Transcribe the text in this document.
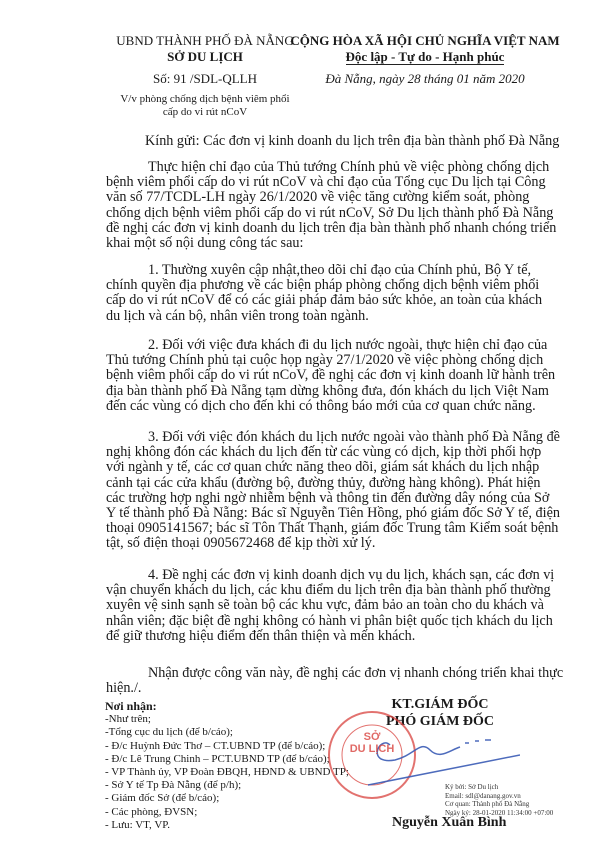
UBND THÀNH PHỐ ĐÀ NẴNG
SỞ DU LỊCH
Số: 91 /SDL-QLLH
V/v phòng chống dịch bệnh viêm phổi
cấp do vi rút nCoV
CỘNG HÒA XÃ HỘI CHỦ NGHĨA VIỆT NAM
Độc lập - Tự do - Hạnh phúc
Đà Nẵng, ngày 28 tháng 01 năm 2020
Kính gửi: Các đơn vị kinh doanh du lịch trên địa bàn thành phố Đà Nẵng
Thực hiện chỉ đạo của Thủ tướng Chính phủ về việc phòng chống dịch
bệnh viêm phổi cấp do vi rút nCoV và chỉ đạo của Tổng cục Du lịch tại Công
văn số 77/TCDL-LH ngày 26/1/2020 về việc tăng cường kiểm soát, phòng
chống dịch bệnh viêm phổi cấp do vi rút nCoV, Sở Du lịch thành phố Đà Nẵng
đề nghị các đơn vị kinh doanh du lịch trên địa bàn thành phố nhanh chóng triển
khai một số nội dung công tác sau:
1. Thường xuyên cập nhật,theo dõi chỉ đạo của Chính phủ, Bộ Y tế,
chính quyền địa phương về các biện pháp phòng chống dịch bệnh viêm phổi
cấp do vi rút nCoV để có các giải pháp đảm bảo sức khỏe, an toàn của khách
du lịch và cán bộ, nhân viên trong toàn ngành.
2. Đối với việc đưa khách đi du lịch nước ngoài, thực hiện chỉ đạo của
Thủ tướng Chính phủ tại cuộc họp ngày 27/1/2020 về việc phòng chống dịch
bệnh viêm phổi cấp do vi rút nCoV, đề nghị các đơn vị kinh doanh lữ hành trên
địa bàn thành phố Đà Nẵng tạm dừng không đưa, đón khách du lịch Việt Nam
đến các vùng có dịch cho đến khi có thông báo mới của cơ quan chức năng.
3. Đối với việc đón khách du lịch nước ngoài vào thành phố Đà Nẵng đề
nghị không đón các khách du lịch đến từ các vùng có dịch, kịp thời phối hợp
với ngành y tế, các cơ quan chức năng theo dõi, giám sát khách du lịch nhập
cảnh tại các cửa khẩu (đường bộ, đường thủy, đường hàng không). Phát hiện
các trường hợp nghi ngờ nhiễm bệnh và thông tin đến đường dây nóng của Sở
Y tế thành phố Đà Nẵng: Bác sĩ Nguyễn Tiên Hồng, phó giám đốc Sở Y tế, điện
thoại 0905141567; bác sĩ Tôn Thất Thạnh, giám đốc Trung tâm Kiểm soát bệnh
tật, số điện thoại 0905672468 để kịp thời xử lý.
4. Đề nghị các đơn vị kinh doanh dịch vụ du lịch, khách sạn, các đơn vị
vận chuyển khách du lịch, các khu điểm du lịch trên địa bàn thành phố thường
xuyên vệ sinh sạnh sẽ toàn bộ các khu vực, đảm bảo an toàn cho du khách và
nhân viên; đặc biệt đề nghị không có hành vi phân biệt quốc tịch khách du lịch
để giữ thương hiệu điểm đến thân thiện và mến khách.
Nhận được công văn này, đề nghị các đơn vị nhanh chóng triển khai thực
hiện./.
Nơi nhận:
-Như trên;
-Tổng cục du lịch (để b/cáo);
- Đ/c Huỳnh Đức Thơ – CT.UBND TP (để b/cáo);
- Đ/c Lê Trung Chinh – PCT.UBND TP (để b/cáo);
- VP Thành ủy, VP Đoàn ĐBQH, HĐND & UBND TP;
- Sở Y tế Tp Đà Nẵng (để p/h);
- Giám đốc Sở (để b/cáo);
- Các phòng, ĐVSN;
- Lưu: VT, VP.
KT.GIÁM ĐỐC
PHÓ GIÁM ĐỐC
SỞ
DU LỊCH
Ký bởi: Sở Du lịch
Email: sdl@danang.gov.vn
Cơ quan: Thành phố Đà Nẵng
Ngày ký: 28-01-2020 11:34:00 +07:00
Nguyễn Xuân Bình
